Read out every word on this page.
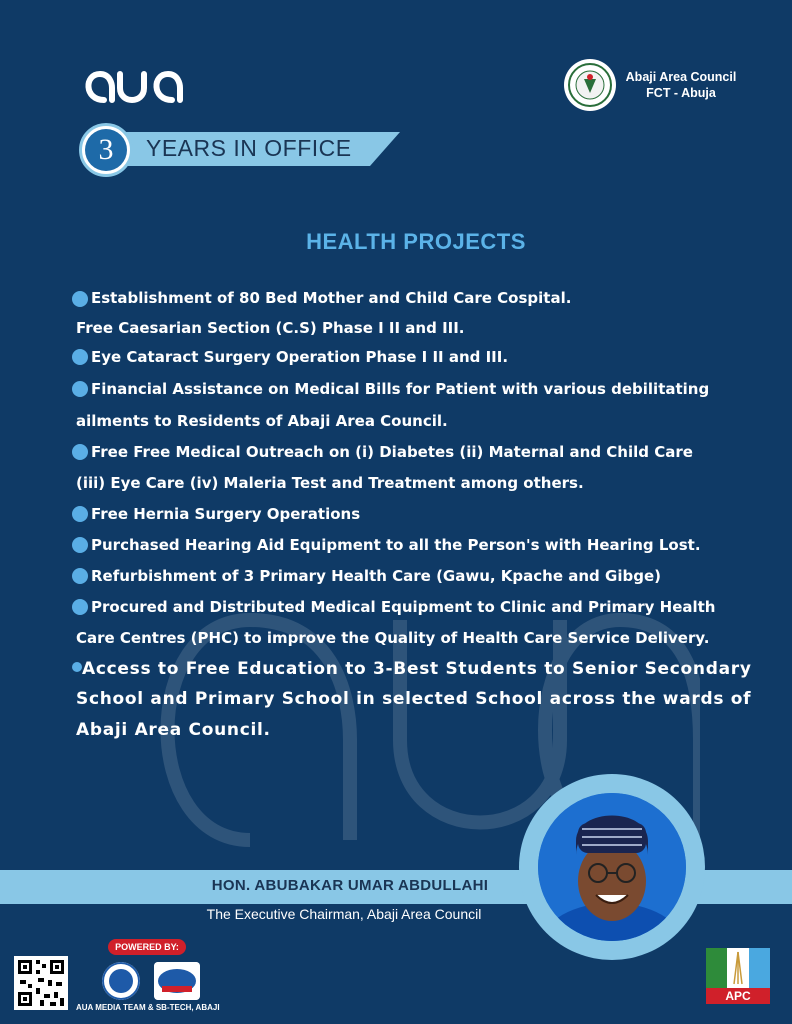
YEARS IN OFFICE
3
Abaji Area Council
FCT - Abuja
HEALTH PROJECTS
Establishment of 80 Bed Mother and Child Care Cospital.
Free Caesarian Section (C.S) Phase I II and III.
Eye Cataract Surgery Operation Phase I II and III.
Financial Assistance on Medical Bills for Patient with various debilitating
ailments to Residents of Abaji Area Council.
Free Free Medical Outreach on (i) Diabetes (ii) Maternal and Child Care
(iii) Eye Care (iv) Maleria Test and Treatment among others.
Free Hernia Surgery Operations
Purchased Hearing Aid Equipment to all the Person's with Hearing Lost.
Refurbishment of 3 Primary Health Care (Gawu, Kpache and Gibge)
Procured and Distributed Medical Equipment to Clinic and Primary Health
Care Centres (PHC) to improve the Quality of Health Care Service Delivery.
Access to Free Education to 3-Best Students to Senior Secondary
School and Primary School in selected School across the wards of
Abaji Area Council.
HON. ABUBAKAR UMAR ABDULLAHI
The Executive Chairman, Abaji Area Council
POWERED BY:
AUA MEDIA TEAM & SB-TECH, ABAJI
APC
